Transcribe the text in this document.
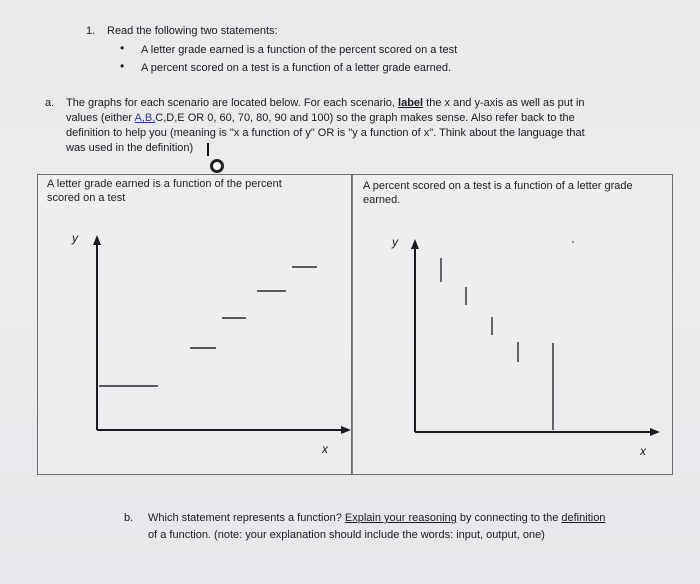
1. Read the following two statements:
• A letter grade earned is a function of the percent scored on a test
• A percent scored on a test is a function of a letter grade earned.
a. The graphs for each scenario are located below. For each scenario, label the x and y-axis as well as put in
values (either A,B,C,D,E OR 0, 60, 70, 80, 90 and 100) so the graph makes sense. Also refer back to the
definition to help you (meaning is "x a function of y" OR is "y a function of x". Think about the language that
was used in the definition)
A letter grade earned is a function of the percent
scored on a test
y
x
A percent scored on a test is a function of a letter grade
earned.
y
x
b. Which statement represents a function? Explain your reasoning by connecting to the definition
of a function. (note: your explanation should include the words: input, output, one)
